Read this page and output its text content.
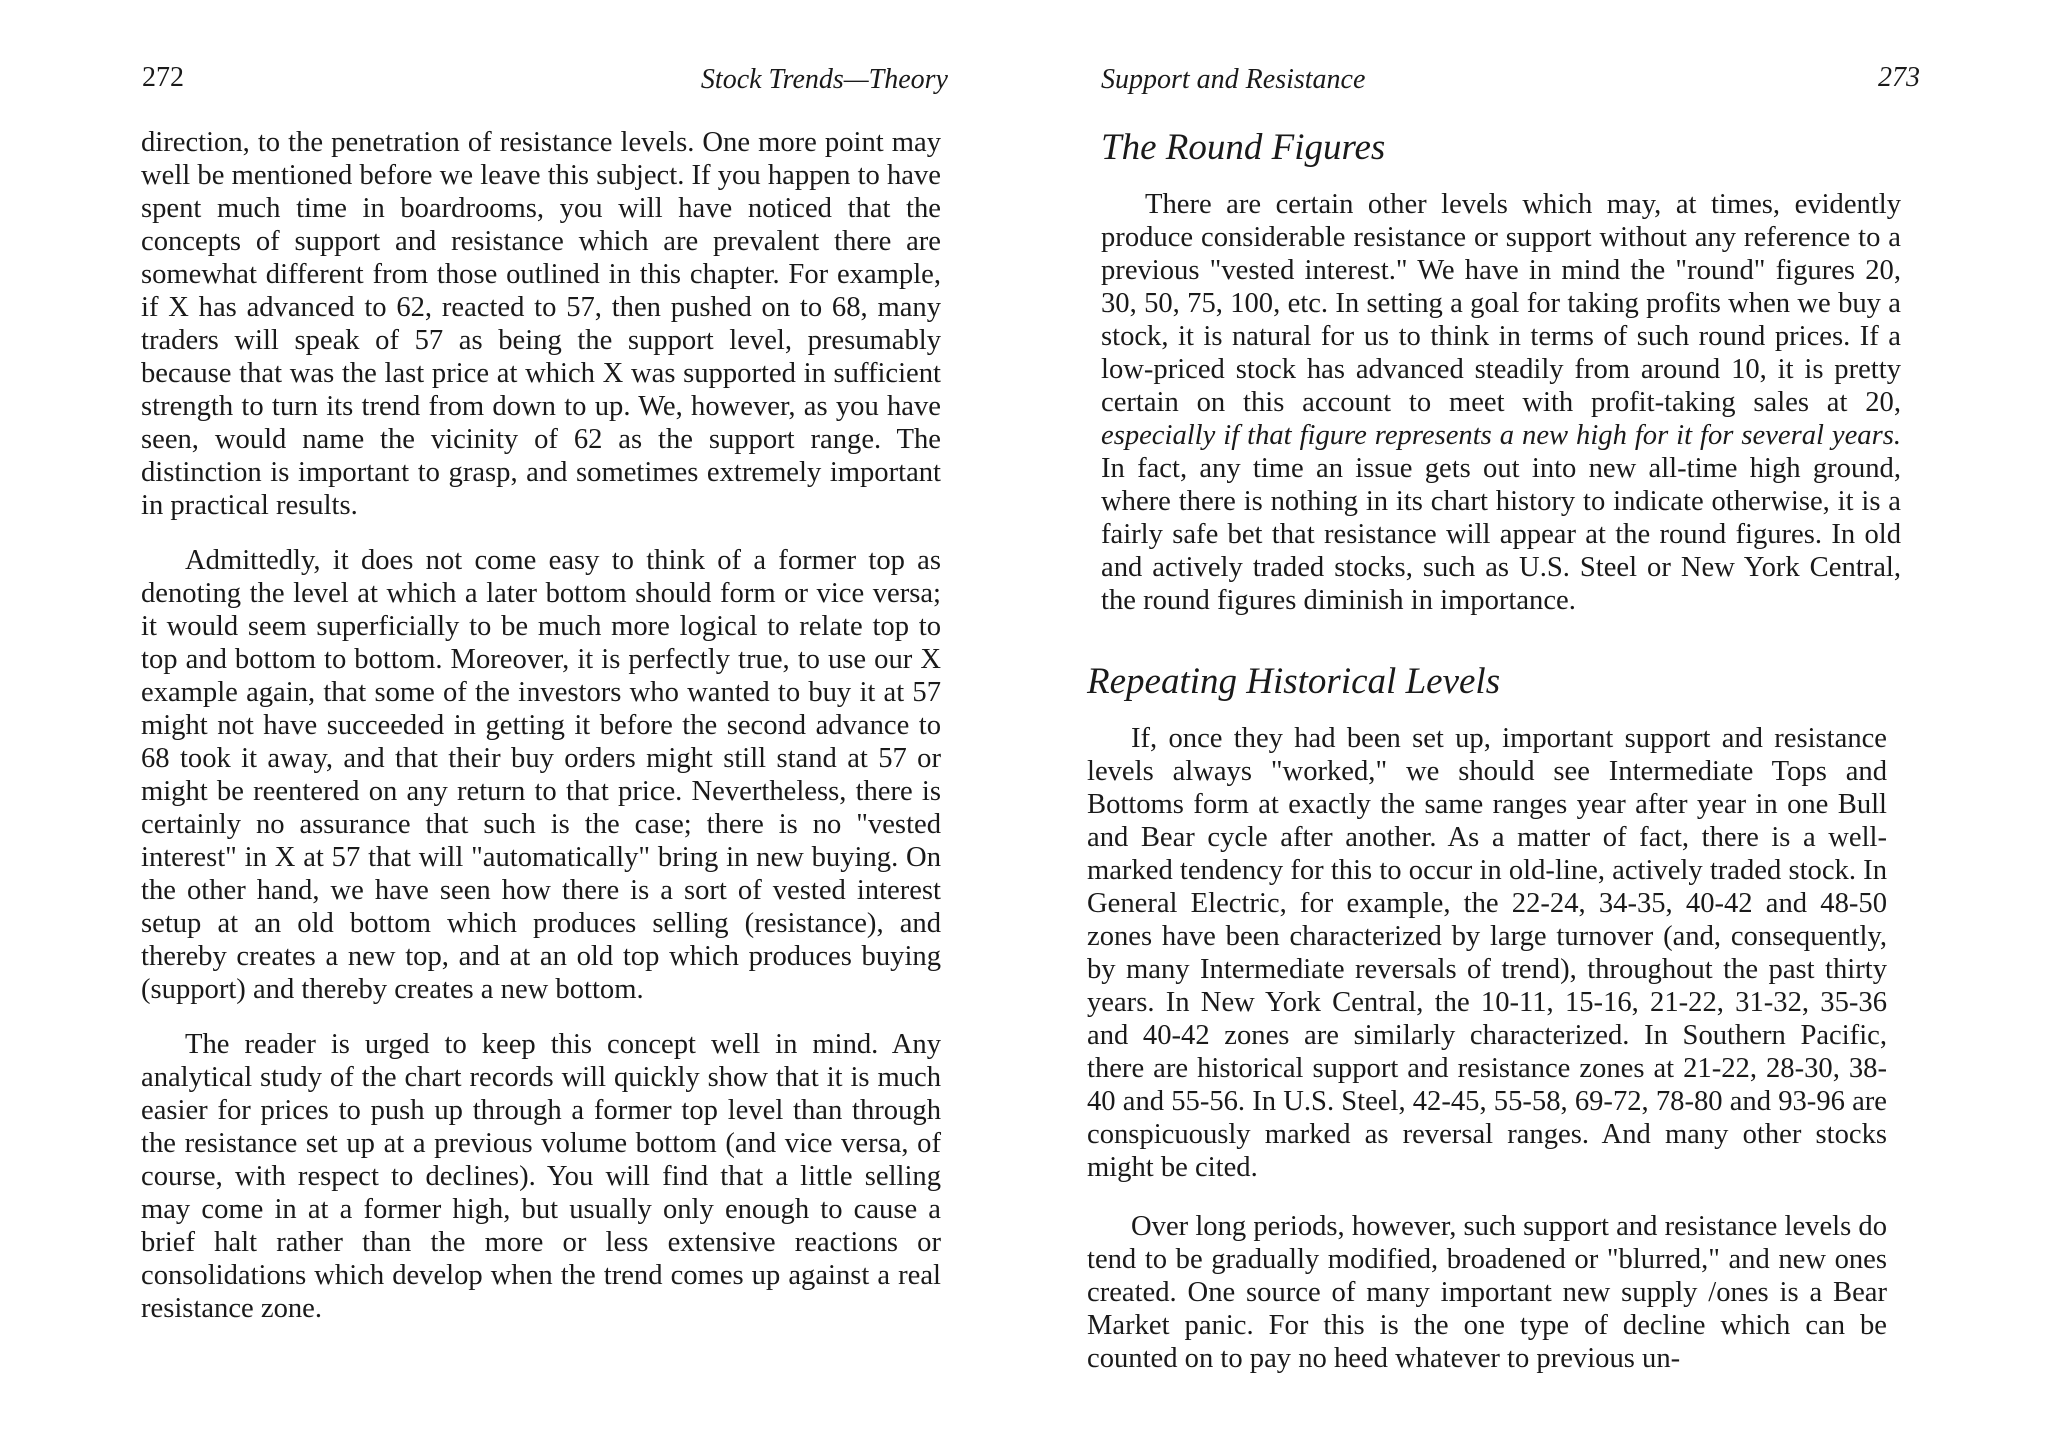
272	Stock Trends—Theory

direction, to the penetration of resistance levels. One more point may well be mentioned before we leave this subject. If you happen to have spent much time in boardrooms, you will have noticed that the concepts of support and resistance which are prevalent there are somewhat different from those outlined in this chapter. For example, if X has advanced to 62, reacted to 57, then pushed on to 68, many traders will speak of 57 as being the support level, presumably because that was the last price at which X was supported in sufficient strength to turn its trend from down to up. We, however, as you have seen, would name the vicinity of 62 as the support range. The distinction is important to grasp, and sometimes extremely important in practical results.

Admittedly, it does not come easy to think of a former top as denoting the level at which a later bottom should form or vice versa; it would seem superficially to be much more logical to relate top to top and bottom to bottom. Moreover, it is perfectly true, to use our X example again, that some of the investors who wanted to buy it at 57 might not have succeeded in getting it before the second advance to 68 took it away, and that their buy orders might still stand at 57 or might be reentered on any return to that price. Nevertheless, there is certainly no assurance that such is the case; there is no "vested interest" in X at 57 that will "automatically" bring in new buying. On the other hand, we have seen how there is a sort of vested interest setup at an old bottom which produces selling (resistance), and thereby creates a new top, and at an old top which produces buying (support) and thereby creates a new bottom.

The reader is urged to keep this concept well in mind. Any analytical study of the chart records will quickly show that it is much easier for prices to push up through a former top level than through the resistance set up at a previous volume bottom (and vice versa, of course, with respect to declines). You will find that a little selling may come in at a former high, but usually only enough to cause a brief halt rather than the more or less extensive reactions or consolidations which develop when the trend comes up against a real resistance zone.

Support and Resistance	273
The Round Figures

There are certain other levels which may, at times, evidently produce considerable resistance or support without any reference to a previous "vested interest." We have in mind the "round" figures 20, 30, 50, 75, 100, etc. In setting a goal for taking profits when we buy a stock, it is natural for us to think in terms of such round prices. If a low-priced stock has advanced steadily from around 10, it is pretty certain on this account to meet with profit-taking sales at 20, especially if that figure represents a new high for it for several years. In fact, any time an issue gets out into new all-time high ground, where there is nothing in its chart history to indicate otherwise, it is a fairly safe bet that resistance will appear at the round figures. In old and actively traded stocks, such as U.S. Steel or New York Central, the round figures diminish in importance.

Repeating Historical Levels

If, once they had been set up, important support and resistance levels always "worked," we should see Intermediate Tops and Bottoms form at exactly the same ranges year after year in one Bull and Bear cycle after another. As a matter of fact, there is a well-marked tendency for this to occur in old-line, actively traded stock. In General Electric, for example, the 22-24, 34-35, 40-42 and 48-50 zones have been characterized by large turnover (and, consequently, by many Intermediate reversals of trend), throughout the past thirty years. In New York Central, the 10-11, 15-16, 21-22, 31-32, 35-36 and 40-42 zones are similarly characterized. In Southern Pacific, there are historical support and resistance zones at 21-22, 28-30, 38-40 and 55-56. In U.S. Steel, 42-45, 55-58, 69-72, 78-80 and 93-96 are conspicuously marked as reversal ranges. And many other stocks might be cited.

Over long periods, however, such support and resistance levels do tend to be gradually modified, broadened or "blurred," and new ones created. One source of many important new supply /ones is a Bear Market panic. For this is the one type of decline which can be counted on to pay no heed whatever to previous un-
